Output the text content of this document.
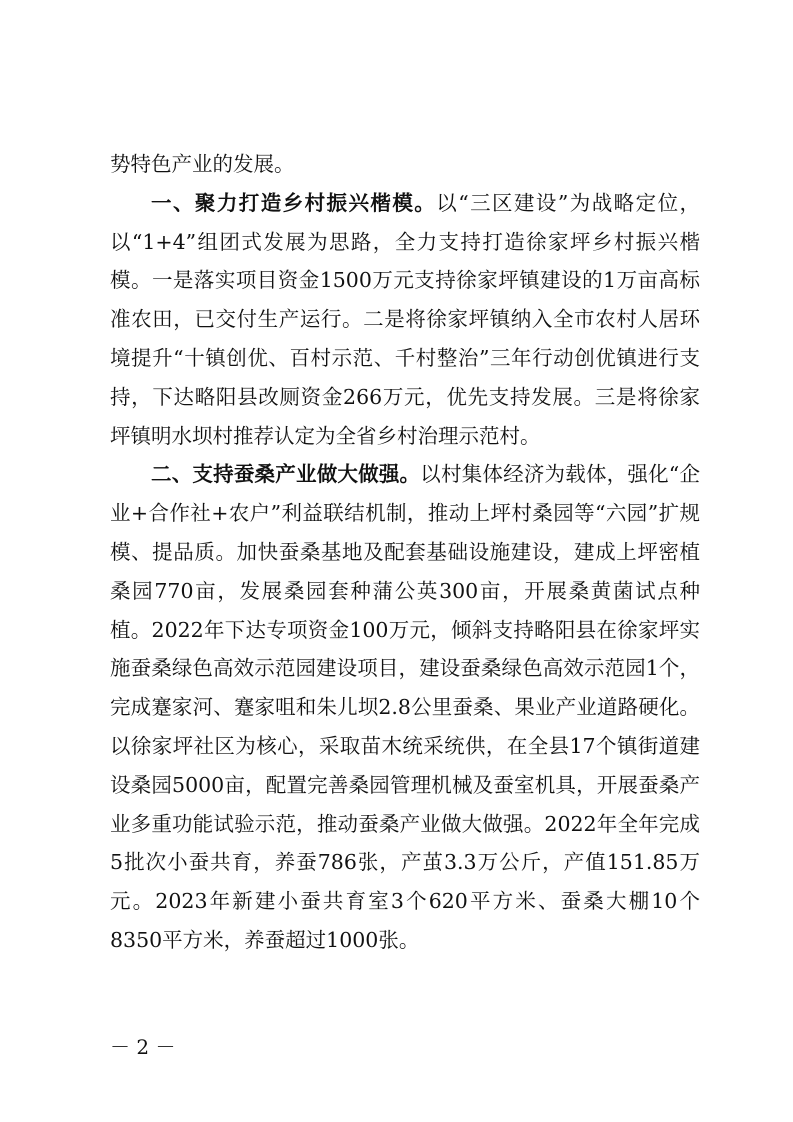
势特色产业的发展。

一、聚力打造乡村振兴楷模。以“三区建设”为战略定位，以“1+4”组团式发展为思路，全力支持打造徐家坪乡村振兴楷模。一是落实项目资金1500万元支持徐家坪镇建设的1万亩高标准农田，已交付生产运行。二是将徐家坪镇纳入全市农村人居环境提升“十镇创优、百村示范、千村整治”三年行动创优镇进行支持，下达略阳县改厕资金266万元，优先支持发展。三是将徐家坪镇明水坝村推荐认定为全省乡村治理示范村。

二、支持蚕桑产业做大做强。以村集体经济为载体，强化“企业+合作社+农户”利益联结机制，推动上坪村桑园等“六园”扩规模、提品质。加快蚕桑基地及配套基础设施建设，建成上坪密植桑园770亩，发展桑园套种蒲公英300亩，开展桑黄菌试点种植。2022年下达专项资金100万元，倾斜支持略阳县在徐家坪实施蚕桑绿色高效示范园建设项目，建设蚕桑绿色高效示范园1个，完成蹇家河、蹇家咀和朱儿坝2.8公里蚕桑、果业产业道路硬化。以徐家坪社区为核心，采取苗木统采统供，在全县17个镇街道建设桑园5000亩，配置完善桑园管理机械及蚕室机具，开展蚕桑产业多重功能试验示范，推动蚕桑产业做大做强。2022年全年完成5批次小蚕共育，养蚕786张，产茧3.3万公斤，产值151.85万元。2023年新建小蚕共育室3个620平方米、蚕桑大棚10个8350平方米，养蚕超过1000张。

－ 2 －
